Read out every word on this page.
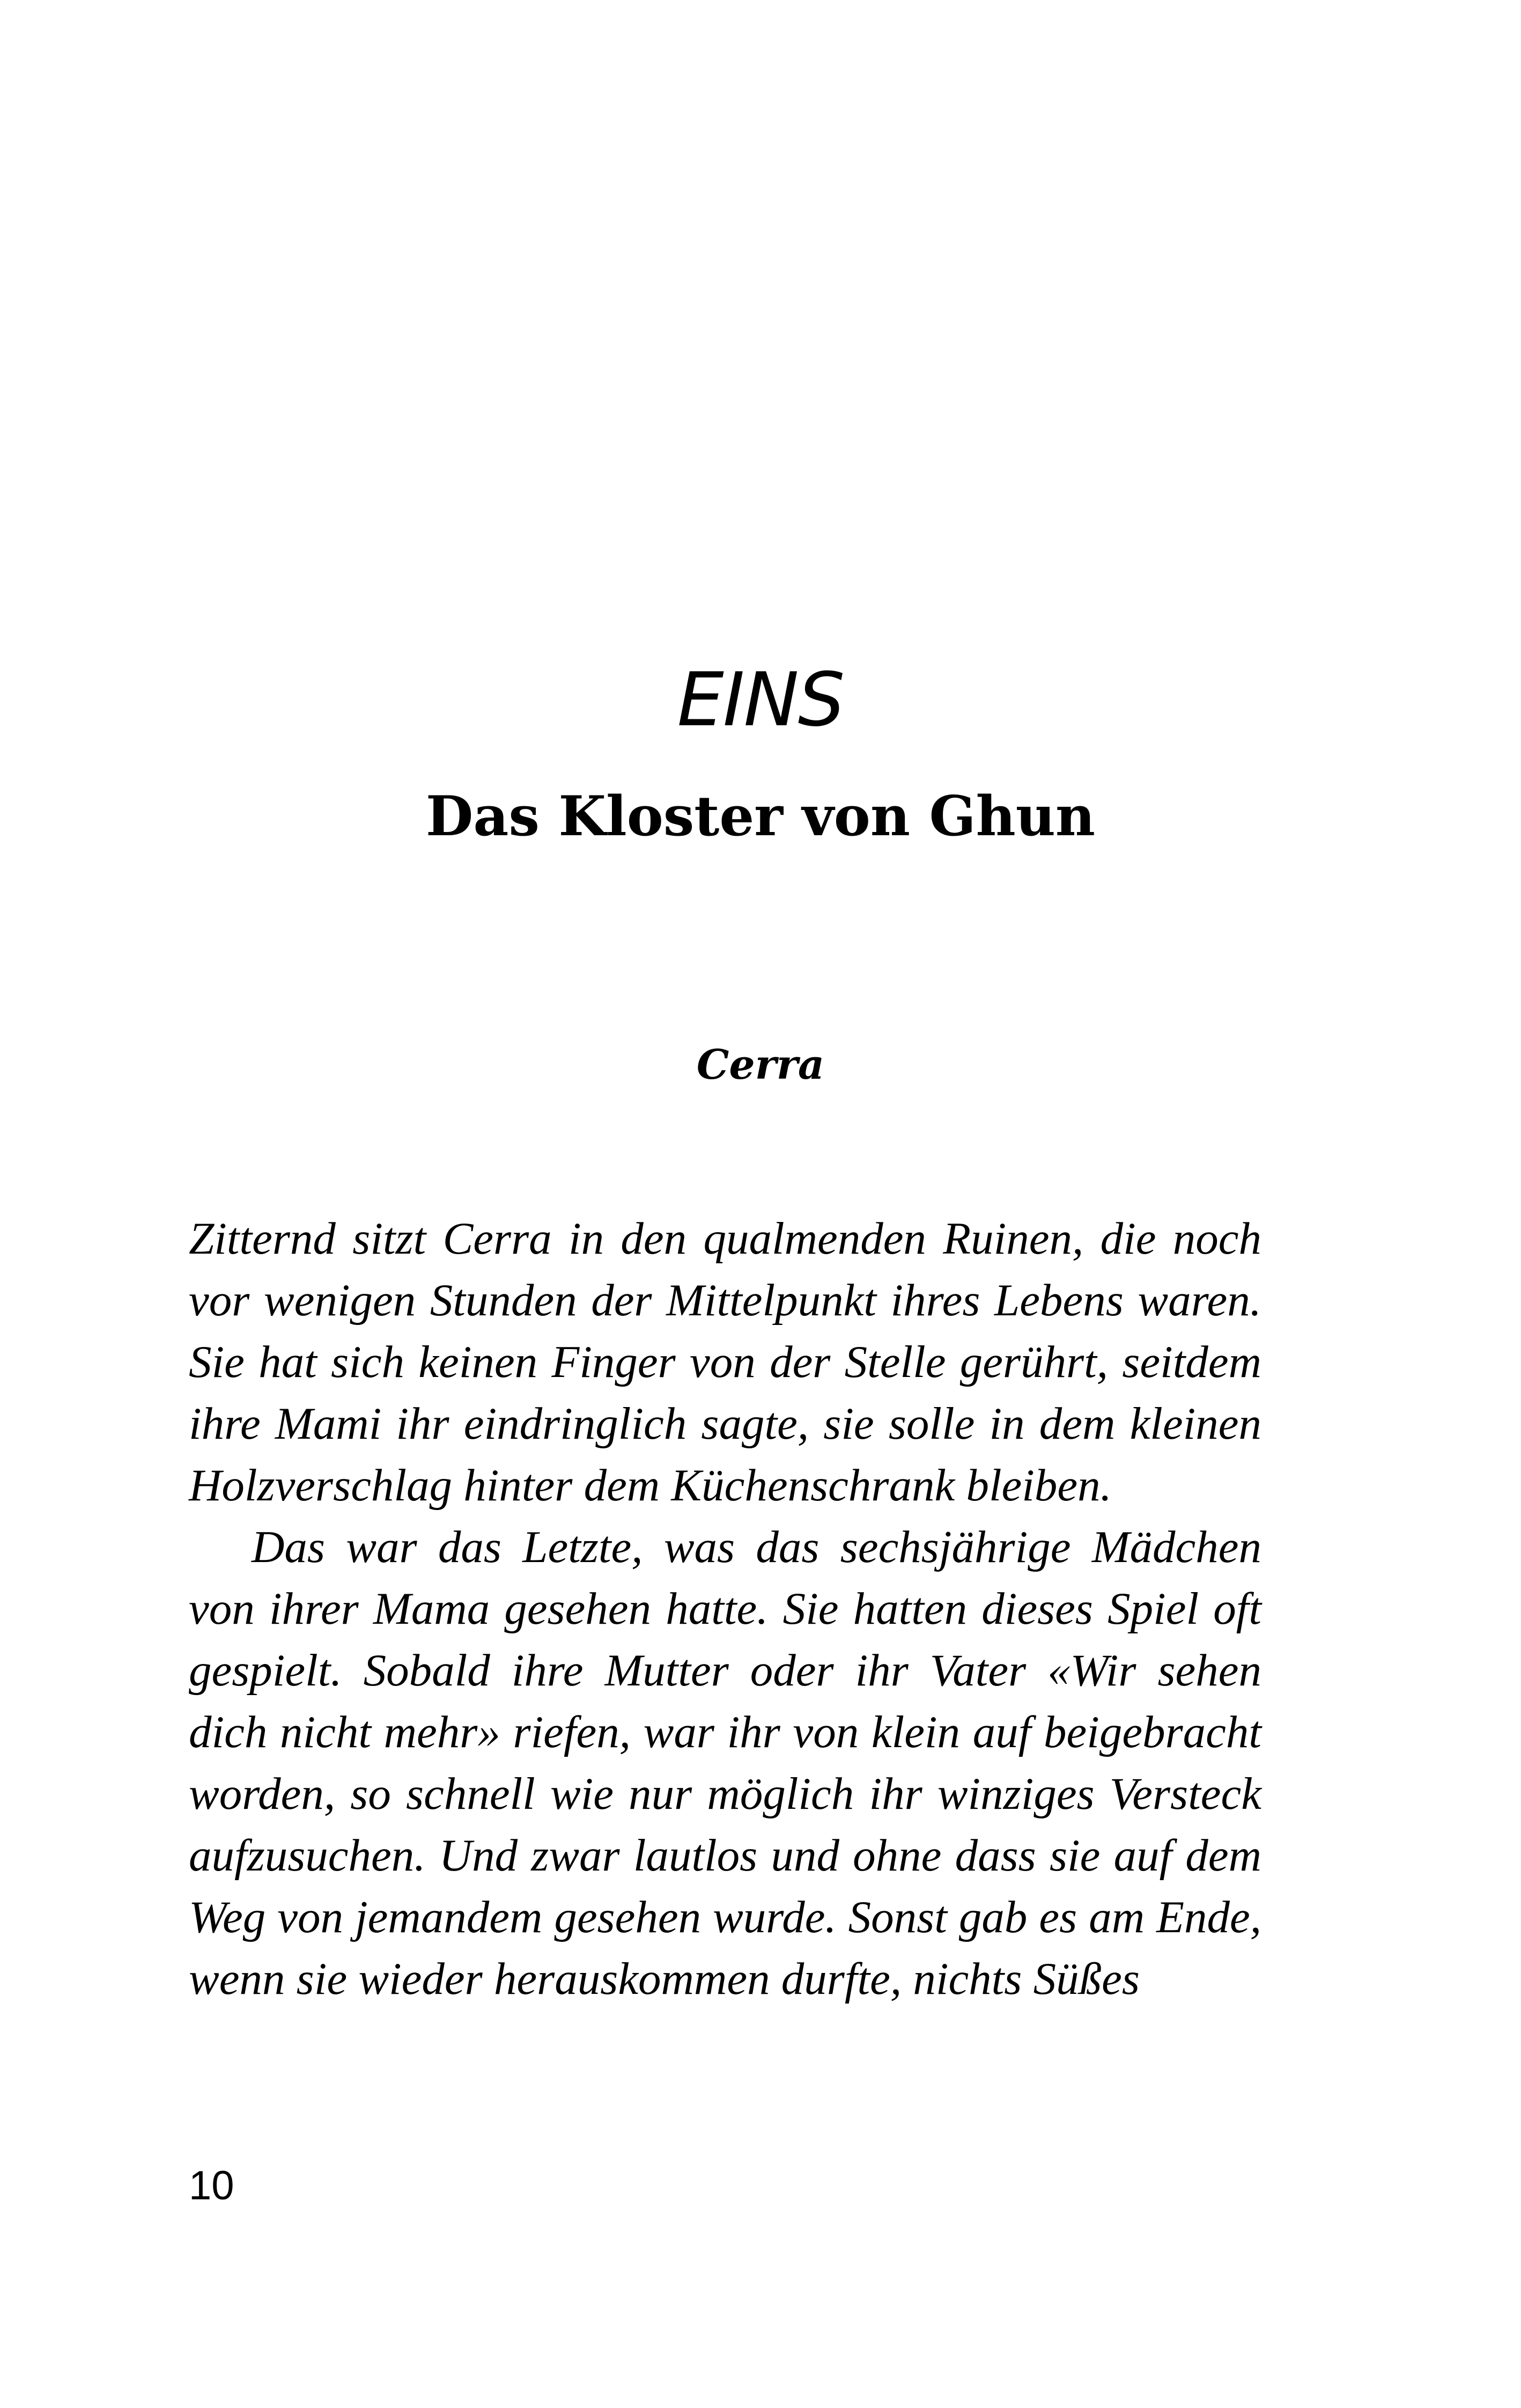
EINS
Das Kloster von Ghun
Cerra

Zitternd sitzt Cerra in den qualmenden Ruinen, die noch vor wenigen Stunden der Mittelpunkt ihres Lebens waren. Sie hat sich keinen Finger von der Stelle gerührt, seitdem ihre Mami ihr eindringlich sagte, sie solle in dem kleinen Holzverschlag hinter dem Küchenschrank bleiben.

Das war das Letzte, was das sechsjährige Mädchen von ihrer Mama gesehen hatte. Sie hatten dieses Spiel oft gespielt. Sobald ihre Mutter oder ihr Vater «Wir sehen dich nicht mehr» riefen, war ihr von klein auf beigebracht worden, so schnell wie nur möglich ihr winziges Versteck aufzusuchen. Und zwar lautlos und ohne dass sie auf dem Weg von jemandem gesehen wurde. Sonst gab es am Ende, wenn sie wieder herauskommen durfte, nichts Süßes

10
